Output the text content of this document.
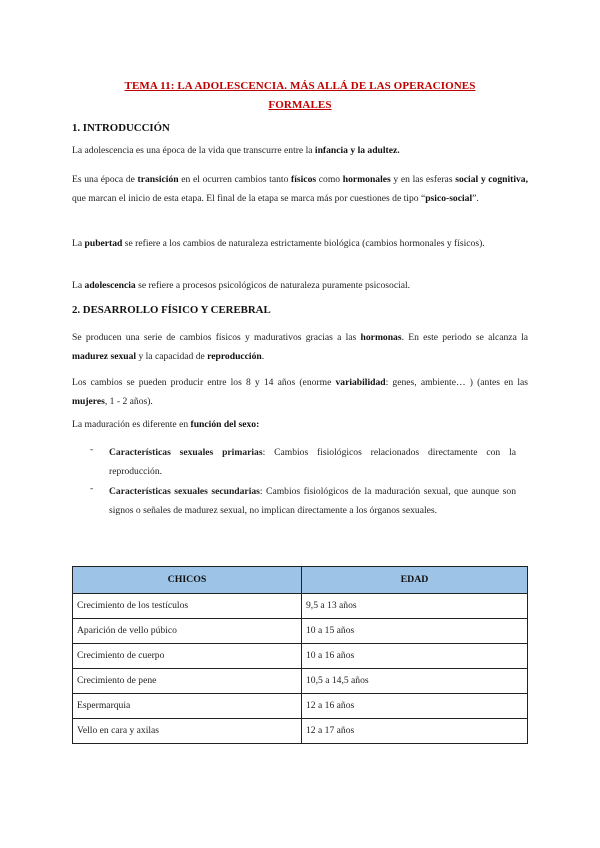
TEMA 11: LA ADOLESCENCIA. MÁS ALLÁ DE LAS OPERACIONES
FORMALES
1. INTRODUCCIÓN
La adolescencia es una época de la vida que transcurre entre la infancia y la adultez.
Es una época de transición en el ocurren cambios tanto físicos como hormonales y en las esferas social y cognitiva, que marcan el inicio de esta etapa. El final de la etapa se marca más por cuestiones de tipo “psico-social”.
La pubertad se refiere a los cambios de naturaleza estrictamente biológica (cambios hormonales y físicos).
La adolescencia se refiere a procesos psicológicos de naturaleza puramente psicosocial.
2. DESARROLLO FÍSICO Y CEREBRAL
Se producen una serie de cambios físicos y madurativos gracias a las hormonas. En este periodo se alcanza la madurez sexual y la capacidad de reproducción.
Los cambios se pueden producir entre los 8 y 14 años (enorme variabilidad: genes, ambiente… ) (antes en las mujeres, 1 - 2 años).
La maduración es diferente en función del sexo:
- Características sexuales primarias: Cambios fisiológicos relacionados directamente con la reproducción.
- Características sexuales secundarias: Cambios fisiológicos de la maduración sexual, que aunque son signos o señales de madurez sexual, no implican directamente a los órganos sexuales.
CHICOS	EDAD
Crecimiento de los testículos	9,5 a 13 años
Aparición de vello púbico	10 a 15 años
Crecimiento de cuerpo	10 a 16 años
Crecimiento de pene	10,5 a 14,5 años
Espermarquia	12 a 16 años
Vello en cara y axilas	12 a 17 años
